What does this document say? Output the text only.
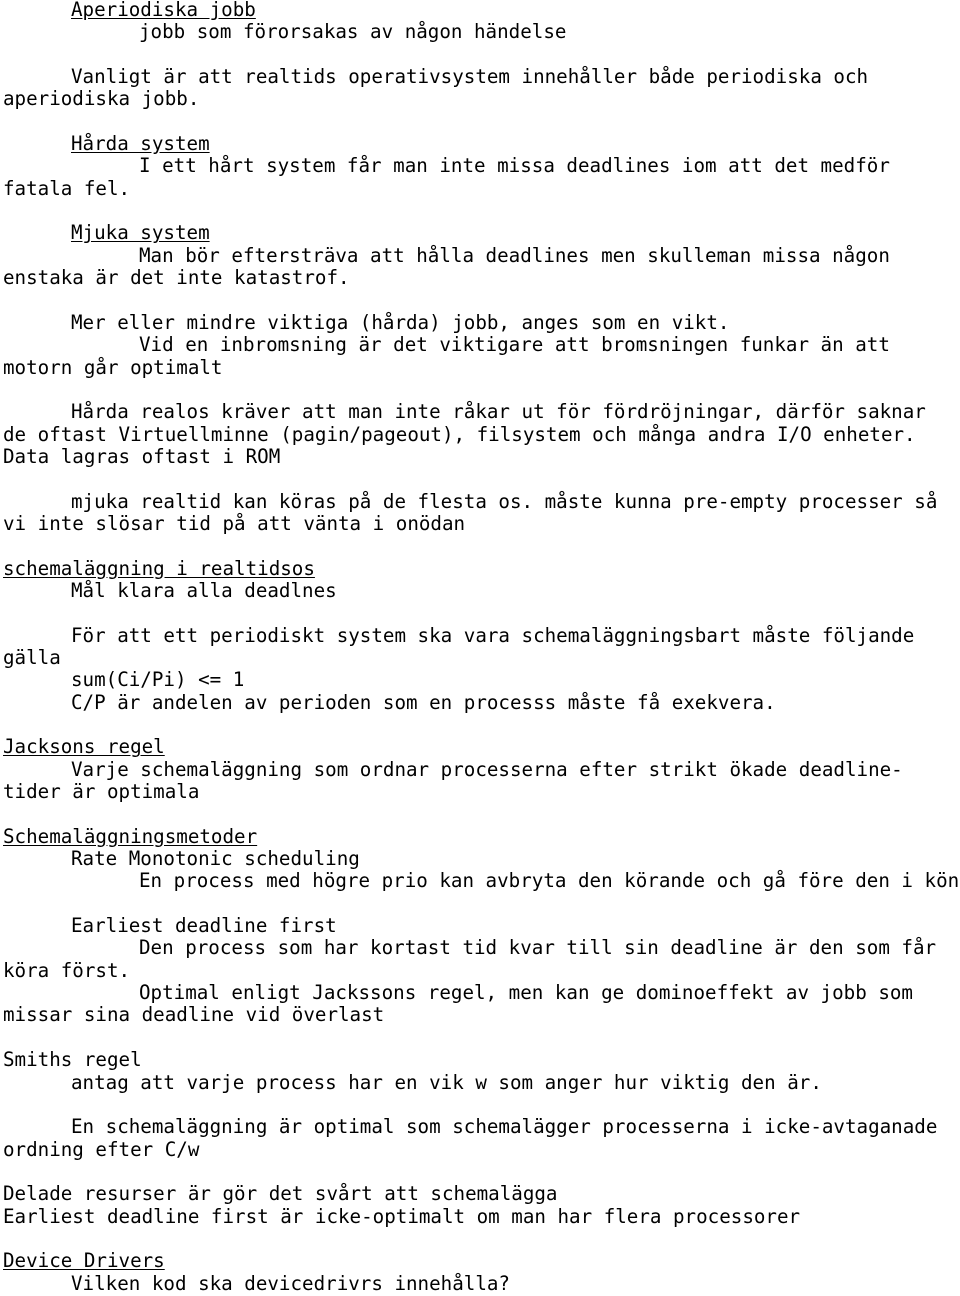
Aperiodiska jobb
jobb som förorsakas av någon händelse
Vanligt är att realtids operativsystem innehåller både periodiska och
aperiodiska jobb.
Hårda system
I ett hårt system får man inte missa deadlines iom att det medför
fatala fel.
Mjuka system
Man bör eftersträva att hålla deadlines men skulleman missa någon
enstaka är det inte katastrof.
Mer eller mindre viktiga (hårda) jobb, anges som en vikt.
Vid en inbromsning är det viktigare att bromsningen funkar än att
motorn går optimalt
Hårda realos kräver att man inte råkar ut för fördröjningar, därför saknar
de oftast Virtuellminne (pagin/pageout), filsystem och många andra I/O enheter.
Data lagras oftast i ROM
mjuka realtid kan köras på de flesta os. måste kunna pre-empty processer så
vi inte slösar tid på att vänta i onödan
schemaläggning i realtidsos
Mål klara alla deadlnes
För att ett periodiskt system ska vara schemaläggningsbart måste följande
gälla
sum(Ci/Pi) <= 1
C/P är andelen av perioden som en processs måste få exekvera.
Jacksons regel
Varje schemaläggning som ordnar processerna efter strikt ökade deadline-
tider är optimala
Schemaläggningsmetoder
Rate Monotonic scheduling
En process med högre prio kan avbryta den körande och gå före den i kön
Earliest deadline first
Den process som har kortast tid kvar till sin deadline är den som får
köra först.
Optimal enligt Jackssons regel, men kan ge dominoeffekt av jobb som
missar sina deadline vid överlast
Smiths regel
antag att varje process har en vik w som anger hur viktig den är.
En schemaläggning är optimal som schemalägger processerna i icke-avtaganade
ordning efter C/w
Delade resurser är gör det svårt att schemalägga
Earliest deadline first är icke-optimalt om man har flera processorer
Device Drivers
Vilken kod ska devicedrivrs innehålla?
